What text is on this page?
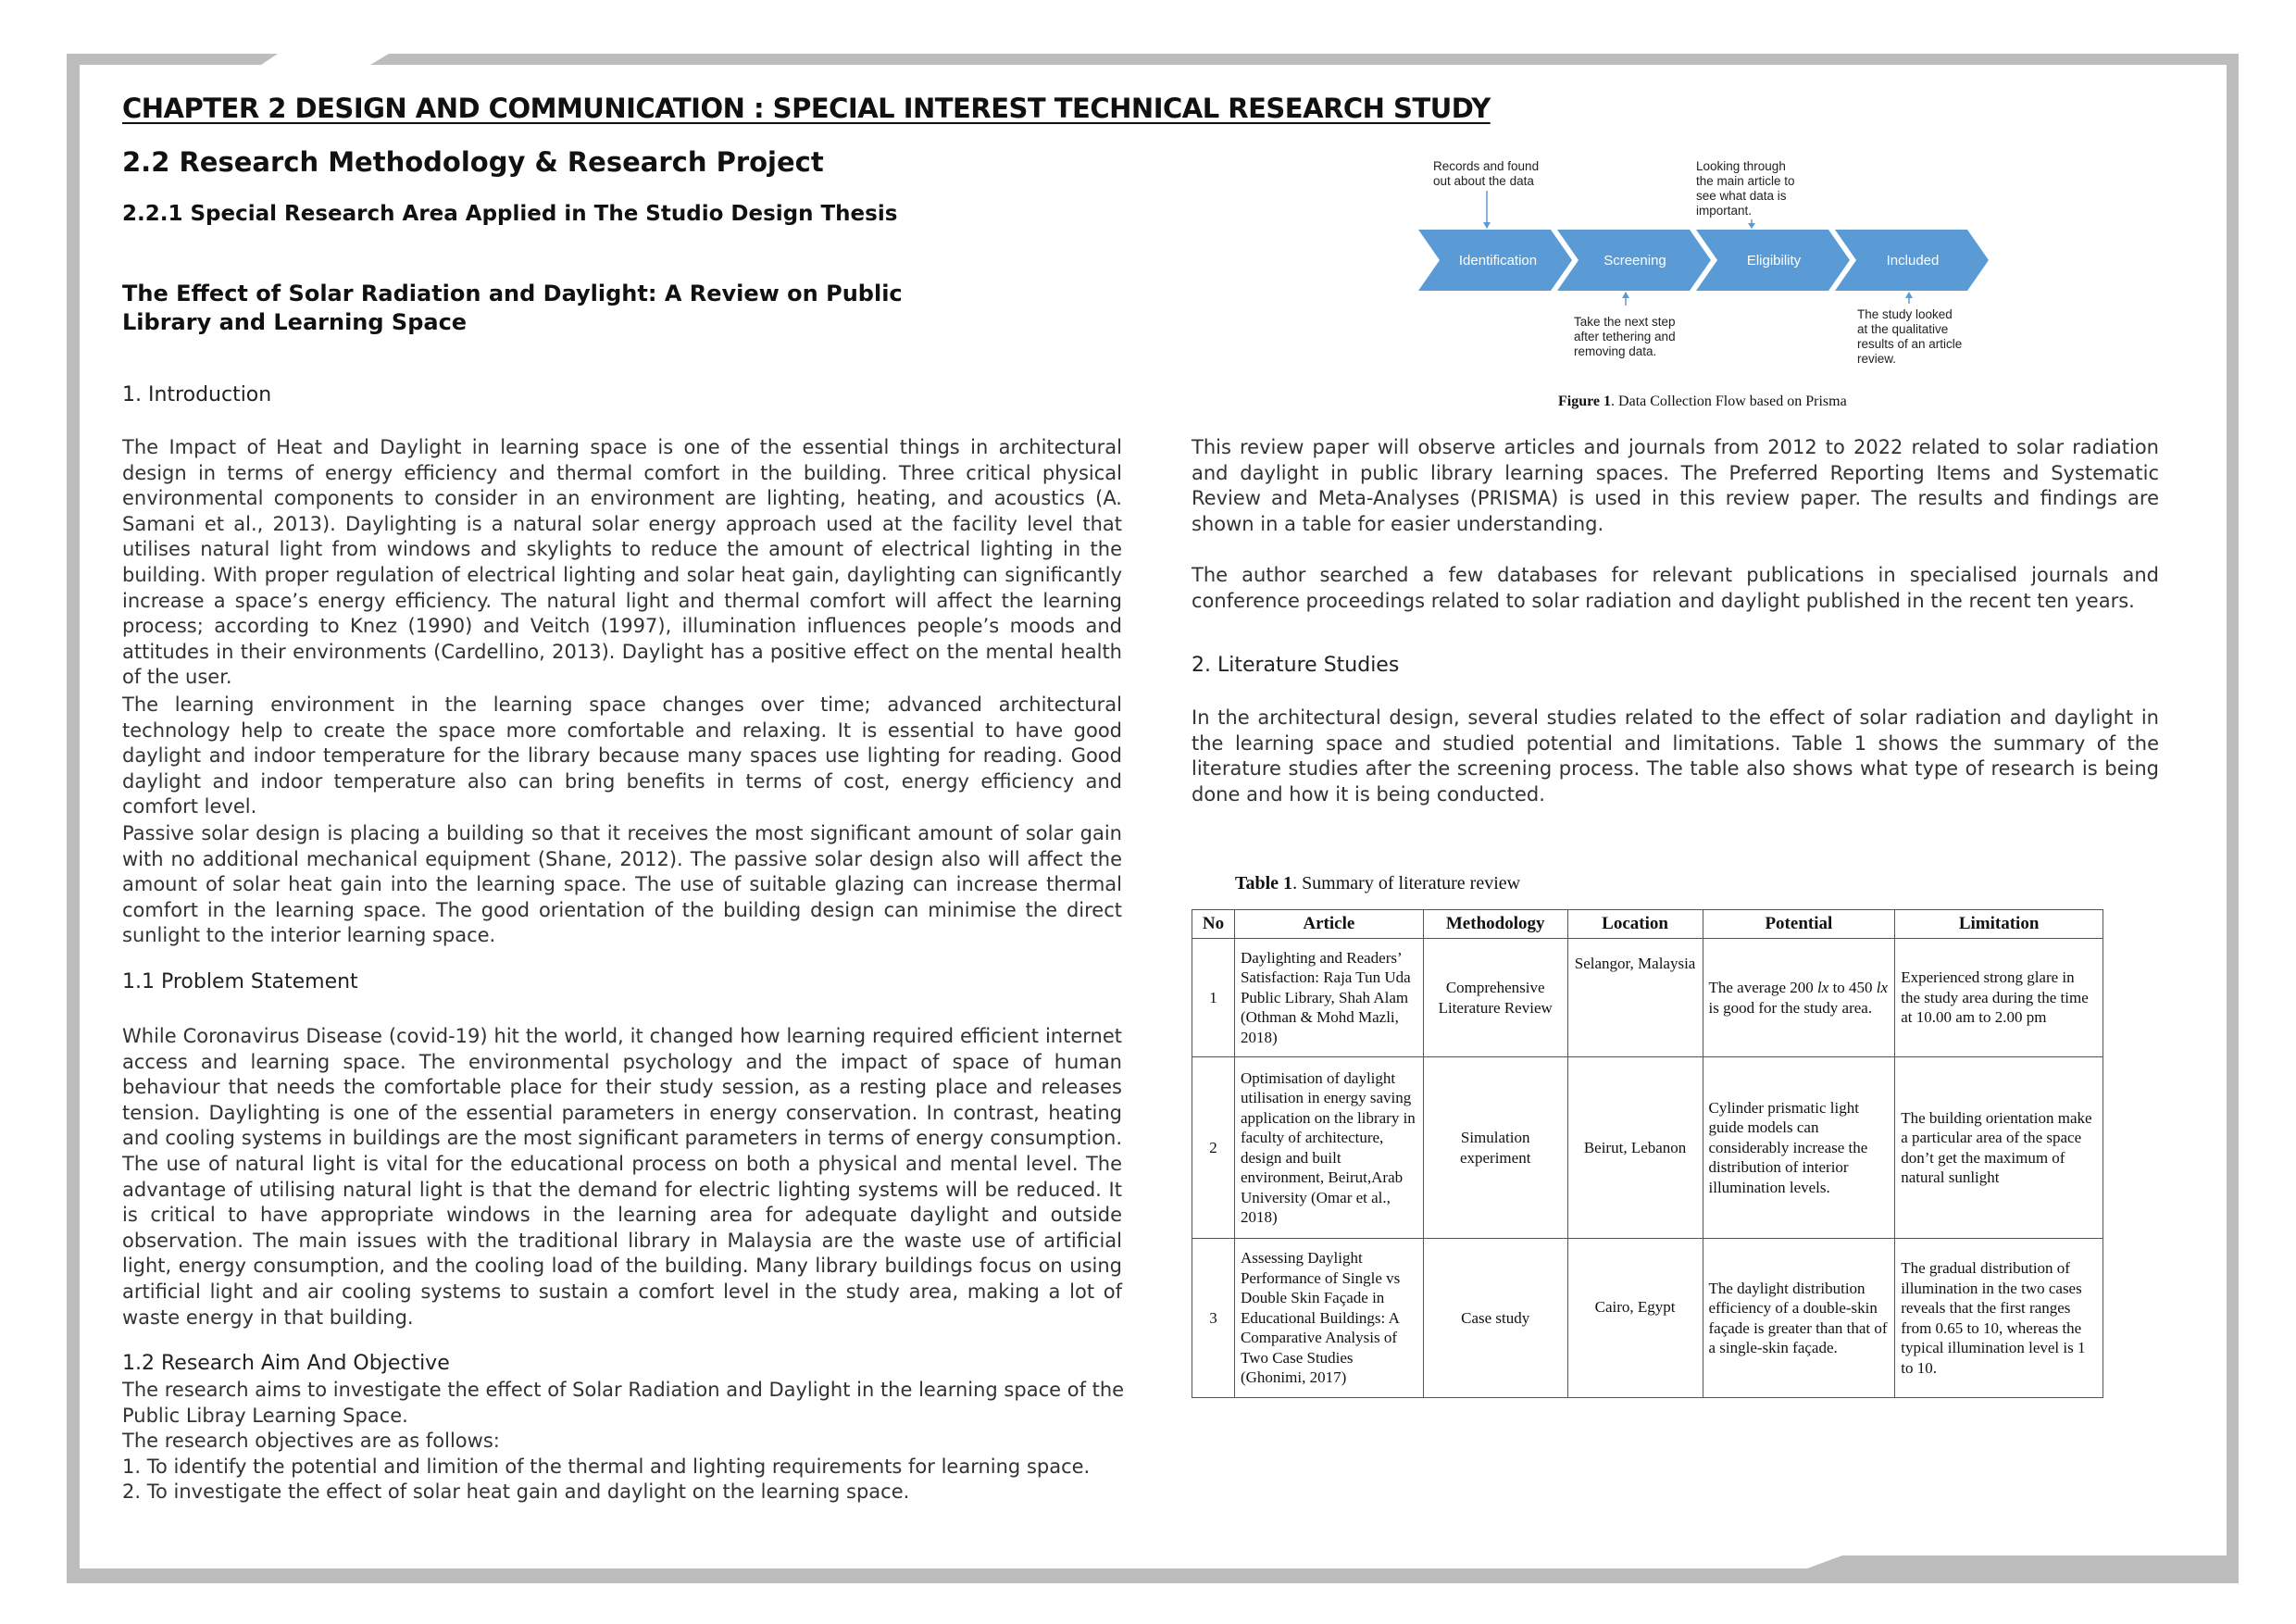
CHAPTER 2 DESIGN AND COMMUNICATION : SPECIAL INTEREST TECHNICAL RESEARCH STUDY
2.2 Research Methodology & Research Project
2.2.1 Special Research Area Applied in The Studio Design Thesis
The Effect of Solar Radiation and Daylight: A Review on Public Library and Learning Space
1. Introduction

The Impact of Heat and Daylight in learning space is one of the essential things in architectural design in terms of energy efficiency and thermal comfort in the building. Three critical physical environmental components to consider in an environment are lighting, heating, and acoustics (A. Samani et al., 2013). Daylighting is a natural solar energy approach used at the facility level that utilises natural light from windows and skylights to reduce the amount of electrical lighting in the building. With proper regulation of electrical lighting and solar heat gain, daylighting can significantly increase a space’s energy efficiency. The natural light and thermal comfort will affect the learning process; according to Knez (1990) and Veitch (1997), illumination influences people’s moods and attitudes in their environments (Cardellino, 2013). Daylight has a positive effect on the mental health of the user.

The learning environment in the learning space changes over time; advanced architectural technology help to create the space more comfortable and relaxing. It is essential to have good daylight and indoor temperature for the library because many spaces use lighting for reading. Good daylight and indoor temperature also can bring benefits in terms of cost, energy efficiency and comfort level.

Passive solar design is placing a building so that it receives the most significant amount of solar gain with no additional mechanical equipment (Shane, 2012). The passive solar design also will affect the amount of solar heat gain into the learning space. The use of suitable glazing can increase thermal comfort in the learning space. The good orientation of the building design can minimise the direct sunlight to the interior learning space.

1.1 Problem Statement

While Coronavirus Disease (covid-19) hit the world, it changed how learning required efficient internet access and learning space. The environmental psychology and the impact of space of human behaviour that needs the comfortable place for their study session, as a resting place and releases tension. Daylighting is one of the essential parameters in energy conservation. In contrast, heating and cooling systems in buildings are the most significant parameters in terms of energy consumption. The use of natural light is vital for the educational process on both a physical and mental level. The advantage of utilising natural light is that the demand for electric lighting systems will be reduced. It is critical to have appropriate windows in the learning area for adequate daylight and outside observation. The main issues with the traditional library in Malaysia are the waste use of artificial light, energy consumption, and the cooling load of the building. Many library buildings focus on using artificial light and air cooling systems to sustain a comfort level in the study area, making a lot of waste energy in that building.

1.2 Research Aim And Objective
The research aims to investigate the effect of Solar Radiation and Daylight in the learning space of the
Public Libray Learning Space.
The research objectives are as follows:
1. To identify the potential and limition of the thermal and lighting requirements for learning space.
2. To investigate the effect of solar heat gain and daylight on the learning space.
Identification	Screening	Eligibility	Included
Records and found
out about the data
Looking through
the main article to
see what data is
important.
Take the next step
after tethering and
removing data.
The study looked
at the qualitative
results of an article
review.
Figure 1. Data Collection Flow based on Prisma

This review paper will observe articles and journals from 2012 to 2022 related to solar radiation and daylight in public library learning spaces. The Preferred Reporting Items and Systematic Review and Meta-Analyses (PRISMA) is used in this review paper. The results and findings are shown in a table for easier understanding.

The author searched a few databases for relevant publications in specialised journals and conference proceedings related to solar radiation and daylight published in the recent ten years.

2. Literature Studies

In the architectural design, several studies related to the effect of solar radiation and daylight in the learning space and studied potential and limitations. Table 1 shows the summary of the literature studies after the screening process. The table also shows what type of research is being done and how it is being conducted.

Table 1. Summary of literature review
No	Article	Methodology	Location	Potential	Limitation
1	Daylighting and Readers’ Satisfaction: Raja Tun Uda Public Library, Shah Alam (Othman & Mohd Mazli, 2018)	Comprehensive Literature Review	Selangor, Malaysia	The average 200 lx to 450 lx is good for the study area.	Experienced strong glare in the study area during the time at 10.00 am to 2.00 pm
2	Optimisation of daylight utilisation in energy saving application on the library in faculty of architecture, design and built environment, Beirut,Arab University (Omar et al., 2018)	Simulation experiment	Beirut, Lebanon	Cylinder prismatic light guide models can considerably increase the distribution of interior illumination levels.	The building orientation make a particular area of the space don’t get the maximum of natural sunlight
3	Assessing Daylight Performance of Single vs Double Skin Façade in Educational Buildings: A Comparative Analysis of Two Case Studies (Ghonimi, 2017)	Case study	Cairo, Egypt	The daylight distribution efficiency of a double-skin façade is greater than that of a single-skin façade.	The gradual distribution of illumination in the two cases reveals that the first ranges from 0.65 to 10, whereas the typical illumination level is 1 to 10.
